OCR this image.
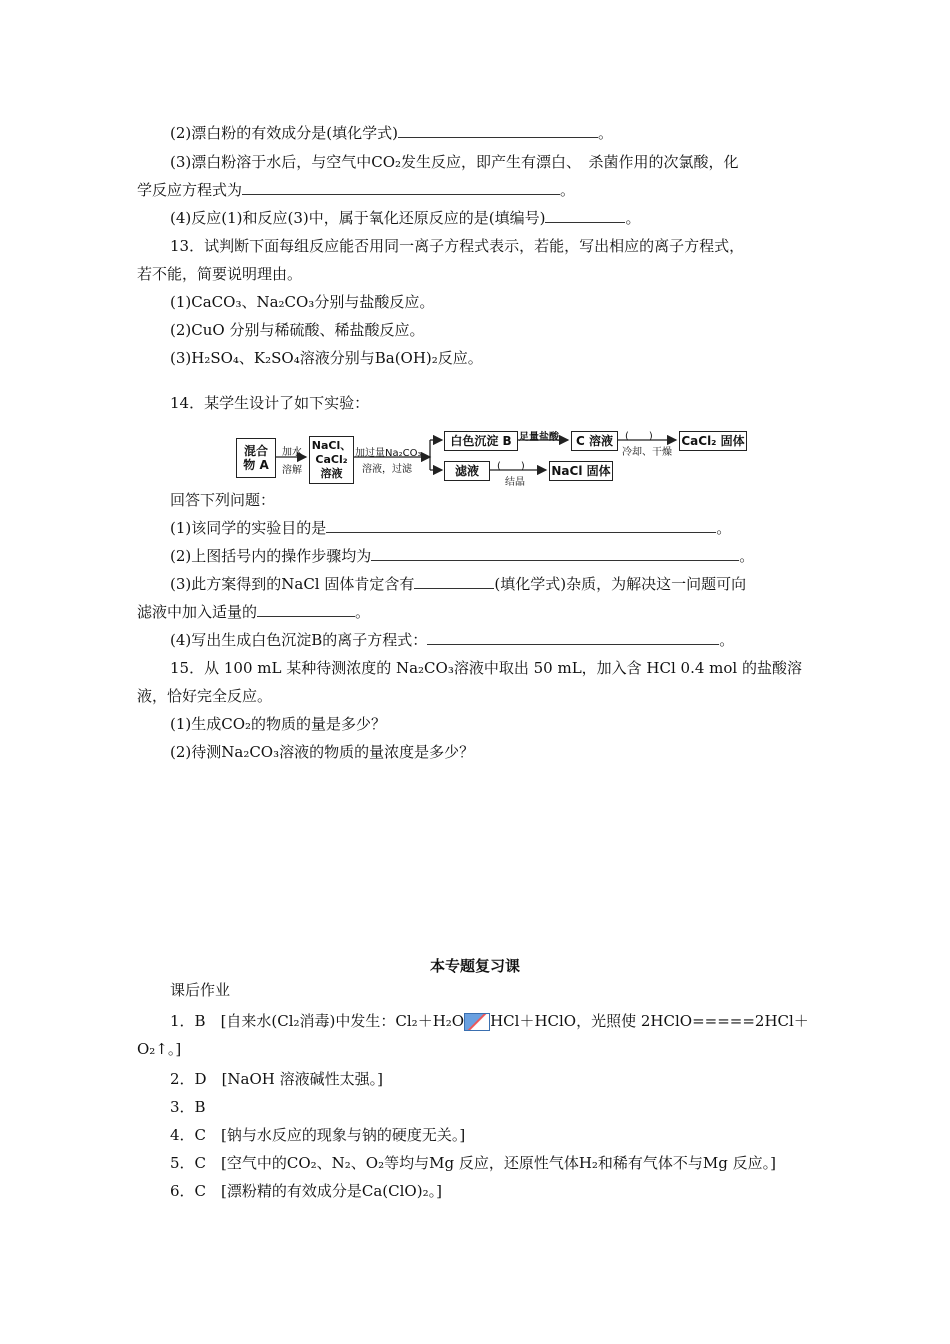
(2)漂白粉的有效成分是(填化学式)	。
(3)漂白粉溶于水后，与空气中CO₂发生反应，即产生有漂白、　杀菌作用的次氯酸，化
学反应方程式为	。
(4)反应(1)和反应(3)中，属于氧化还原反应的是(填编号)	。
13．试判断下面每组反应能否用同一离子方程式表示，若能，写出相应的离子方程式，
若不能，简要说明理由。
(1)CaCO₃、Na₂CO₃分别与盐酸反应。
(2)CuO 分别与稀硫酸、稀盐酸反应。
(3)H₂SO₄、K₂SO₄溶液分别与Ba(OH)₂反应。
14．某学生设计了如下实验：
混合
物 A
加水
溶解
NaCl、
CaCl₂
溶液
加过量Na₂CO₃
溶液，过滤
白色沉淀 B 足量盐酸	C 溶液	(　　)
冷却、干燥
CaCl₂ 固体
滤液	(　　)
结晶
NaCl 固体
回答下列问题：
(1)该同学的实验目的是	。
(2)上图括号内的操作步骤均为	。
(3)此方案得到的NaCl 固体肯定含有	(填化学式)杂质，为解决这一问题可向
滤液中加入适量的	。
(4)写出生成白色沉淀B的离子方程式：	。
15．从 100 mL 某种待测浓度的 Na₂CO₃溶液中取出 50 mL，加入含 HCl 0.4 mol 的盐酸溶
液，恰好完全反应。
(1)生成CO₂的物质的量是多少？
(2)待测Na₂CO₃溶液的物质的量浓度是多少？
本专题复习课
课后作业
1．B　[自来水(Cl₂消毒)中发生：Cl₂＋H₂O HCl＋HClO，光照使 2HClO=====2HCl＋
O₂↑。]
2．D　[NaOH 溶液碱性太强。]
3．B
4．C　[钠与水反应的现象与钠的硬度无关。]
5．C　[空气中的CO₂、N₂、O₂等均与Mg 反应，还原性气体H₂和稀有气体不与Mg 反应。]
6．C　[漂粉精的有效成分是Ca(ClO)₂。]
